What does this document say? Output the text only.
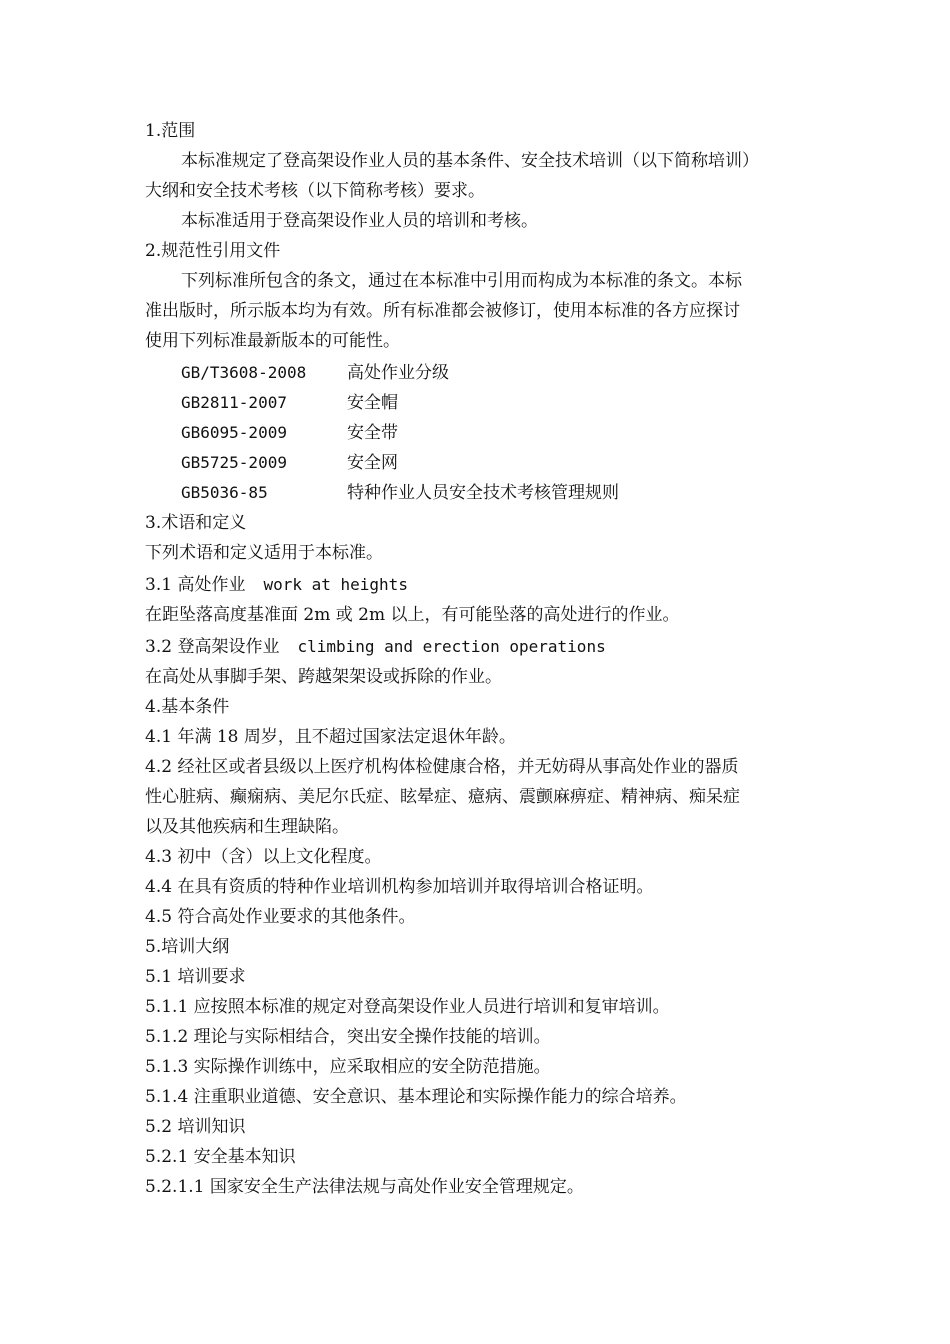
1.范围
本标准规定了登高架设作业人员的基本条件、安全技术培训（以下简称培训）
大纲和安全技术考核（以下简称考核）要求。
本标准适用于登高架设作业人员的培训和考核。
2.规范性引用文件
下列标准所包含的条文，通过在本标准中引用而构成为本标准的条文。本标
准出版时，所示版本均为有效。所有标准都会被修订，使用本标准的各方应探讨
使用下列标准最新版本的可能性。
GB/T3608-2008 高处作业分级
GB2811-2007	安全帽
GB6095-2009	安全带
GB5725-2009	安全网
GB5036-85	特种作业人员安全技术考核管理规则
3.术语和定义
下列术语和定义适用于本标准。
3.1 高处作业 work at heights
在距坠落高度基准面 2m 或 2m 以上，有可能坠落的高处进行的作业。
3.2 登高架设作业 climbing and erection operations
在高处从事脚手架、跨越架架设或拆除的作业。
4.基本条件
4.1 年满 18 周岁，且不超过国家法定退休年龄。
4.2 经社区或者县级以上医疗机构体检健康合格，并无妨碍从事高处作业的器质
性心脏病、癫痫病、美尼尔氏症、眩晕症、癔病、震颤麻痹症、精神病、痴呆症
以及其他疾病和生理缺陷。
4.3 初中（含）以上文化程度。
4.4 在具有资质的特种作业培训机构参加培训并取得培训合格证明。
4.5 符合高处作业要求的其他条件。
5.培训大纲
5.1 培训要求
5.1.1 应按照本标准的规定对登高架设作业人员进行培训和复审培训。
5.1.2 理论与实际相结合，突出安全操作技能的培训。
5.1.3 实际操作训练中，应采取相应的安全防范措施。
5.1.4 注重职业道德、安全意识、基本理论和实际操作能力的综合培养。
5.2 培训知识
5.2.1 安全基本知识
5.2.1.1 国家安全生产法律法规与高处作业安全管理规定。
